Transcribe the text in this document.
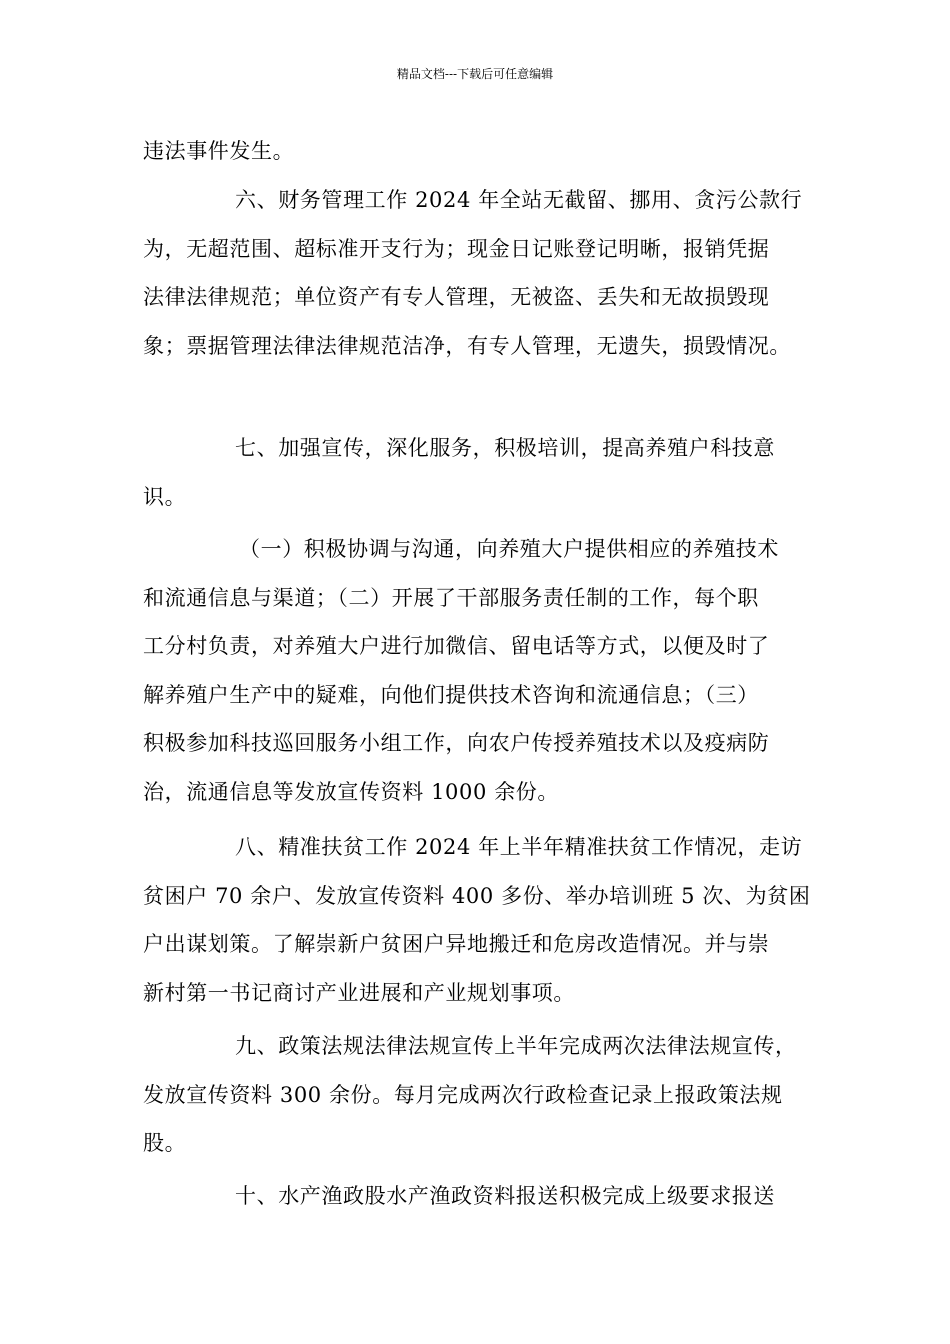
精品文档---下载后可任意编辑
违法事件发生。
六、财务管理工作 2024 年全站无截留、挪用、贪污公款行
为，无超范围、超标准开支行为；现金日记账登记明晰，报销凭据
法律法律规范；单位资产有专人管理，无被盗、丢失和无故损毁现
象；票据管理法律法律规范洁净，有专人管理，无遗失，损毁情况。
七、加强宣传，深化服务，积极培训，提高养殖户科技意
识。
（一）积极协调与沟通，向养殖大户提供相应的养殖技术
和流通信息与渠道；（二）开展了干部服务责任制的工作，每个职
工分村负责，对养殖大户进行加微信、留电话等方式，以便及时了
解养殖户生产中的疑难，向他们提供技术咨询和流通信息；（三）
积极参加科技巡回服务小组工作，向农户传授养殖技术以及疫病防
治，流通信息等发放宣传资料 1000 余份。
八、精准扶贫工作 2024 年上半年精准扶贫工作情况，走访
贫困户 70 余户、发放宣传资料 400 多份、举办培训班 5 次、为贫困
户出谋划策。了解崇新户贫困户异地搬迁和危房改造情况。并与崇
新村第一书记商讨产业进展和产业规划事项。
九、政策法规法律法规宣传上半年完成两次法律法规宣传，
发放宣传资料 300 余份。每月完成两次行政检查记录上报政策法规
股。
十、水产渔政股水产渔政资料报送积极完成上级要求报送
